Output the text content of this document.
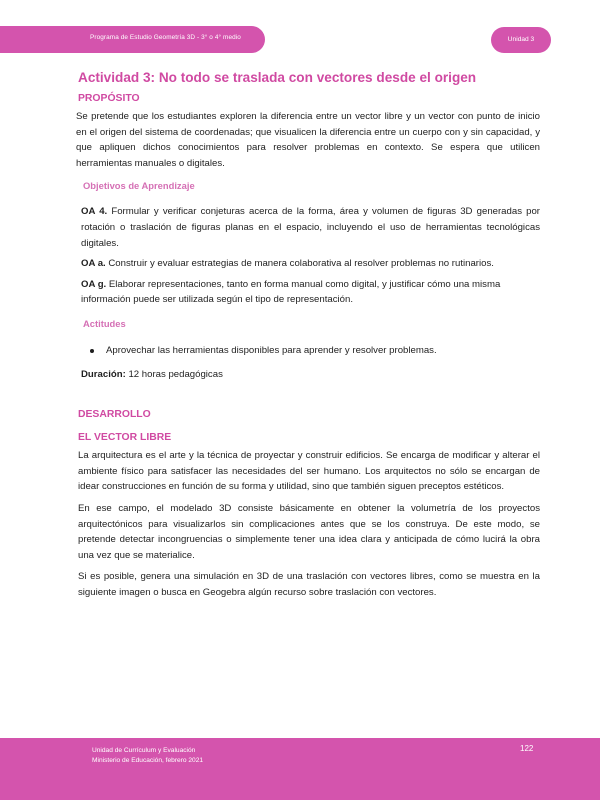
Programa de Estudio Geometría 3D - 3° o 4° medio	Unidad 3
Actividad 3: No todo se traslada con vectores desde el origen
PROPÓSITO

Se pretende que los estudiantes exploren la diferencia entre un vector libre y un vector con punto de inicio en el origen del sistema de coordenadas; que visualicen la diferencia entre un cuerpo con y sin capacidad, y que apliquen dichos conocimientos para resolver problemas en contexto. Se espera que utilicen herramientas manuales o digitales.

Objetivos de Aprendizaje

OA 4. Formular y verificar conjeturas acerca de la forma, área y volumen de figuras 3D generadas por rotación o traslación de figuras planas en el espacio, incluyendo el uso de herramientas tecnológicas digitales.

OA a. Construir y evaluar estrategias de manera colaborativa al resolver problemas no rutinarios.

OA g. Elaborar representaciones, tanto en forma manual como digital, y justificar cómo una misma información puede ser utilizada según el tipo de representación.

Actitudes

Aprovechar las herramientas disponibles para aprender y resolver problemas.

Duración: 12 horas pedagógicas

DESARROLLO
EL VECTOR LIBRE

La arquitectura es el arte y la técnica de proyectar y construir edificios. Se encarga de modificar y alterar el ambiente físico para satisfacer las necesidades del ser humano. Los arquitectos no sólo se encargan de idear construcciones en función de su forma y utilidad, sino que también siguen preceptos estéticos.

En ese campo, el modelado 3D consiste básicamente en obtener la volumetría de los proyectos arquitectónicos para visualizarlos sin complicaciones antes que se los construya. De este modo, se pretende detectar incongruencias o simplemente tener una idea clara y anticipada de cómo lucirá la obra una vez que se materialice.

Si es posible, genera una simulación en 3D de una traslación con vectores libres, como se muestra en la siguiente imagen o busca en Geogebra algún recurso sobre traslación con vectores.

Unidad de Currículum y Evaluación
Ministerio de Educación, febrero 2021
122
